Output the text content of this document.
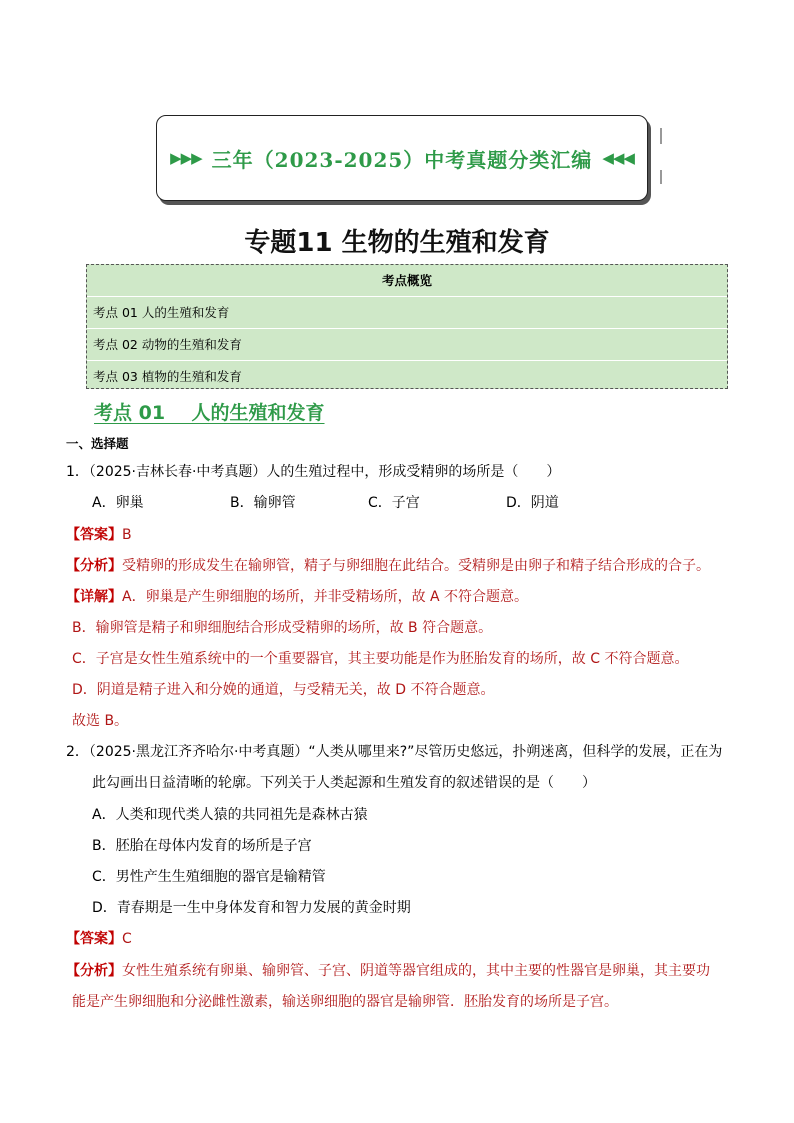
▶▶▶ 三年（2023-2025）中考真题分类汇编 ◀◀◀
专题11 生物的生殖和发育
考点概览
考点 01 人的生殖和发育
考点 02 动物的生殖和发育
考点 03 植物的生殖和发育
考点 01    人的生殖和发育
一、选择题
1．（2025·吉林长春·中考真题）人的生殖过程中，形成受精卵的场所是（　　）
A．卵巢	B．输卵管	C．子宫	D．阴道
【答案】B
【分析】受精卵的形成发生在输卵管，精子与卵细胞在此结合。受精卵是由卵子和精子结合形成的合子。
【详解】A．卵巢是产生卵细胞的场所，并非受精场所，故 A 不符合题意。
B．输卵管是精子和卵细胞结合形成受精卵的场所，故 B 符合题意。
C．子宫是女性生殖系统中的一个重要器官，其主要功能是作为胚胎发育的场所，故 C 不符合题意。
D．阴道是精子进入和分娩的通道，与受精无关，故 D 不符合题意。
故选 B。
2．（2025·黑龙江齐齐哈尔·中考真题）“人类从哪里来?”尽管历史悠远，扑朔迷离，但科学的发展，正在为
此勾画出日益清晰的轮廓。下列关于人类起源和生殖发育的叙述错误的是（　　）
A．人类和现代类人猿的共同祖先是森林古猿
B．胚胎在母体内发育的场所是子宫
C．男性产生生殖细胞的器官是输精管
D．青春期是一生中身体发育和智力发展的黄金时期
【答案】C
【分析】女性生殖系统有卵巢、输卵管、子宫、阴道等器官组成的，其中主要的性器官是卵巢，其主要功
能是产生卵细胞和分泌雌性激素，输送卵细胞的器官是输卵管．胚胎发育的场所是子宫。
